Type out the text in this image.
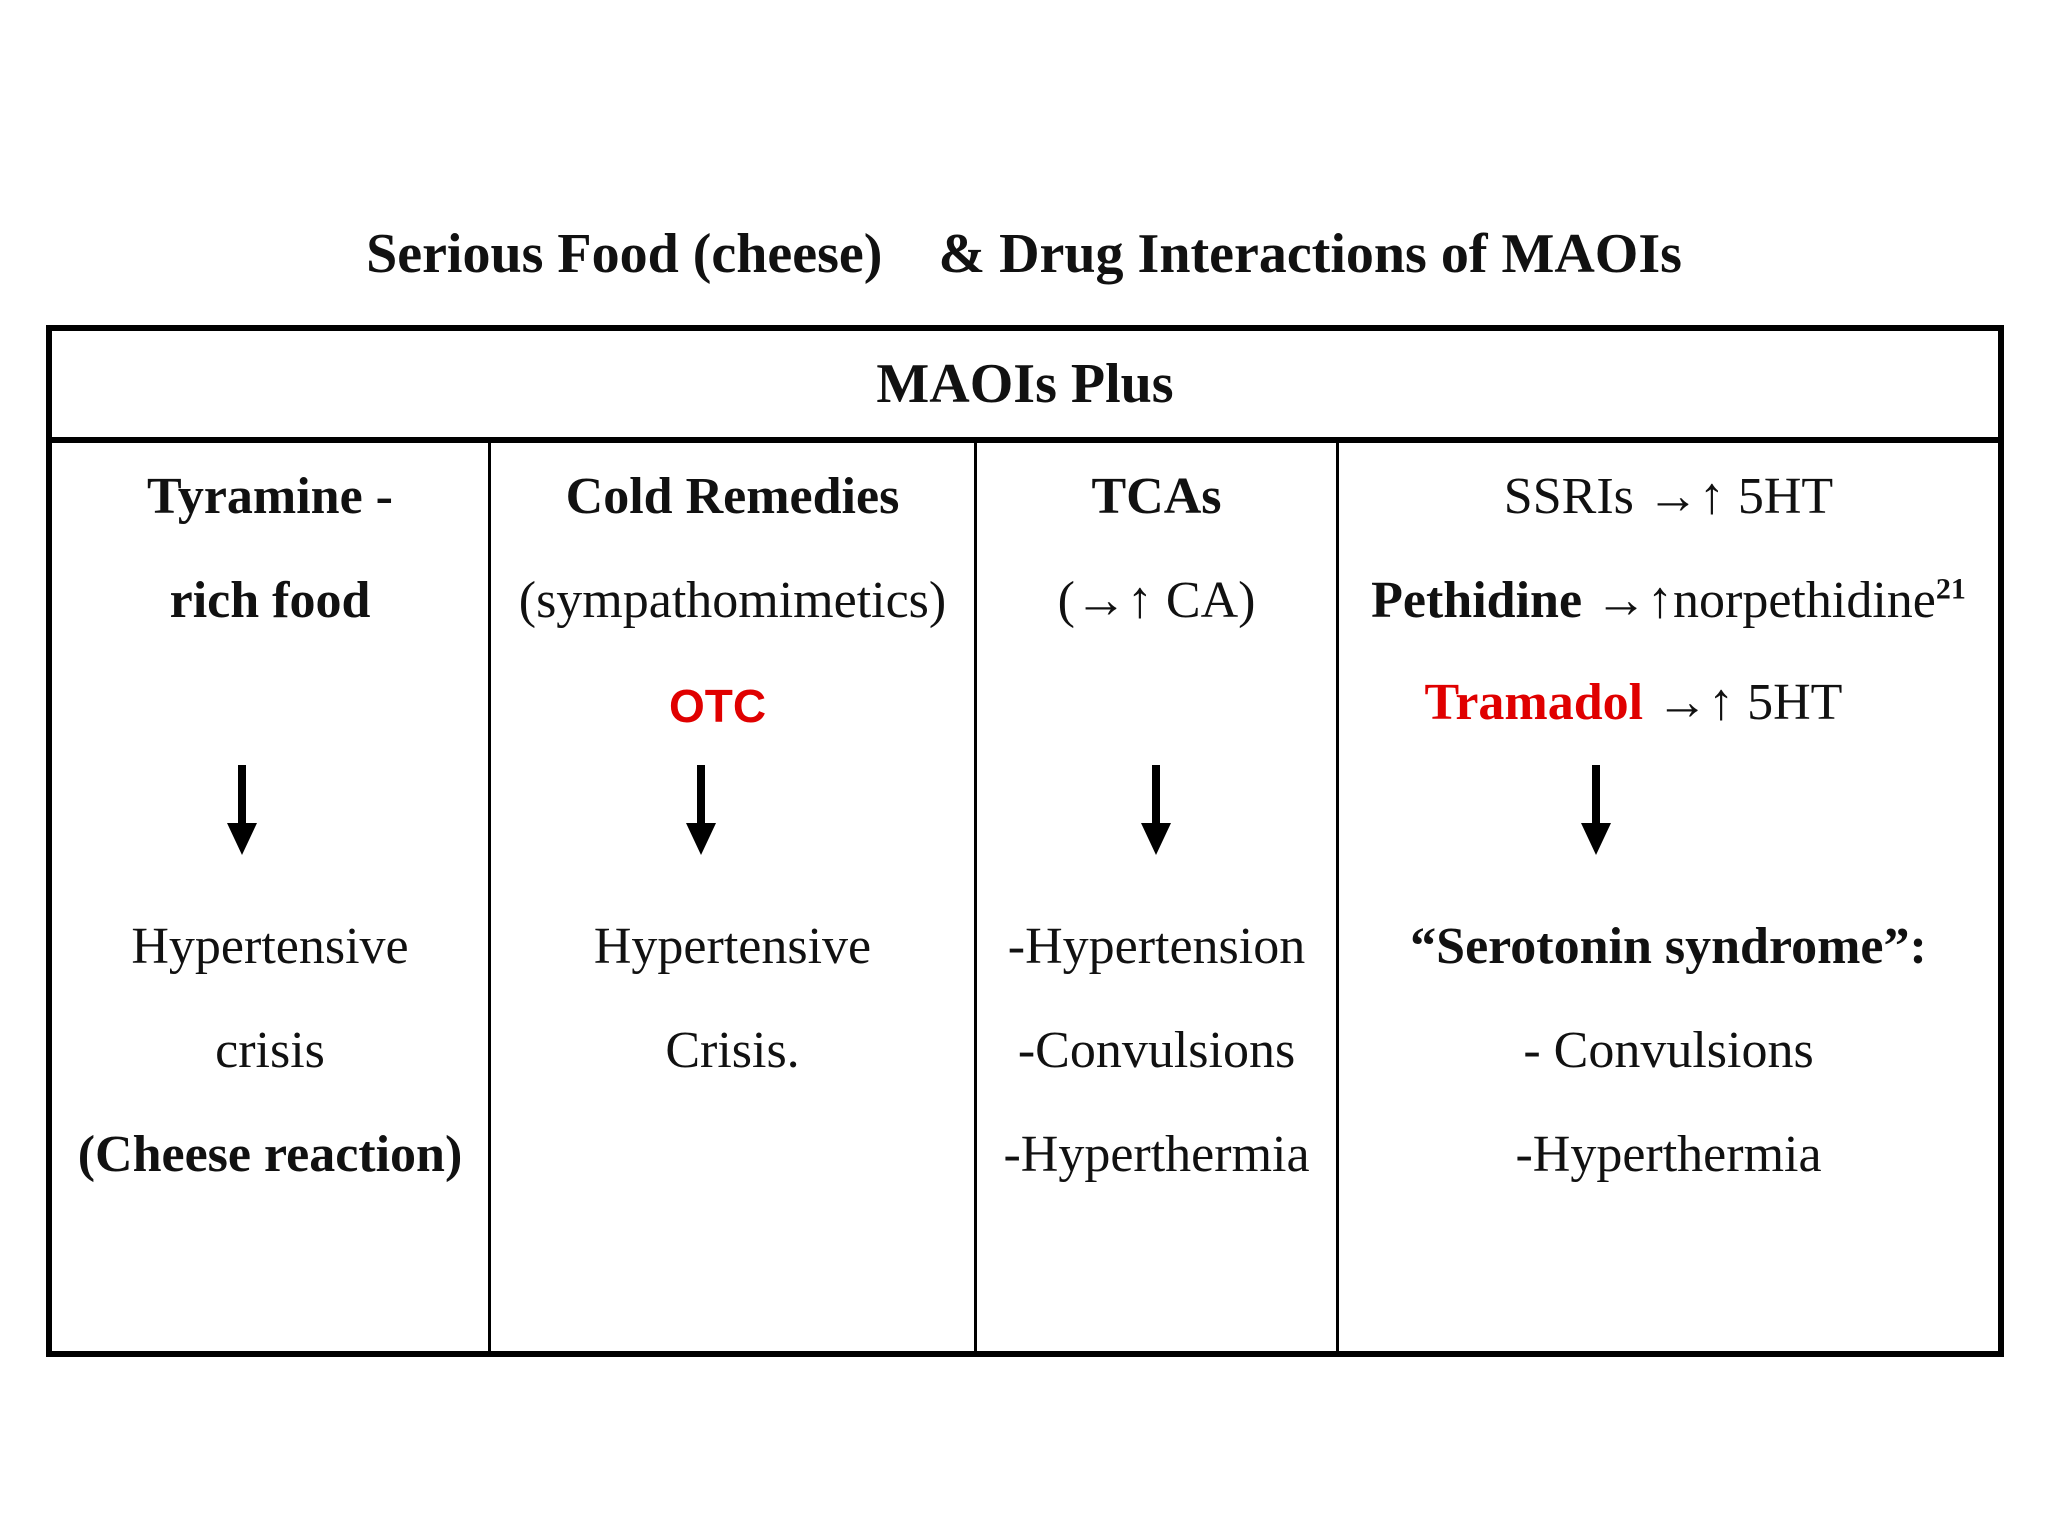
Serious Food (cheese)    & Drug Interactions of MAOIs
MAOIs Plus
Tyramine -
rich food
Hypertensive
crisis
(Cheese reaction)
Cold Remedies
(sympathomimetics)
OTC
Hypertensive
Crisis.
TCAs
(→↑ CA)
-Hypertension
-Convulsions
-Hyperthermia
SSRIs →↑ 5HT
Pethidine →↑norpethidine$^{21}$
Tramadol →↑ 5HT
“Serotonin syndrome”:
- Convulsions
-Hyperthermia
